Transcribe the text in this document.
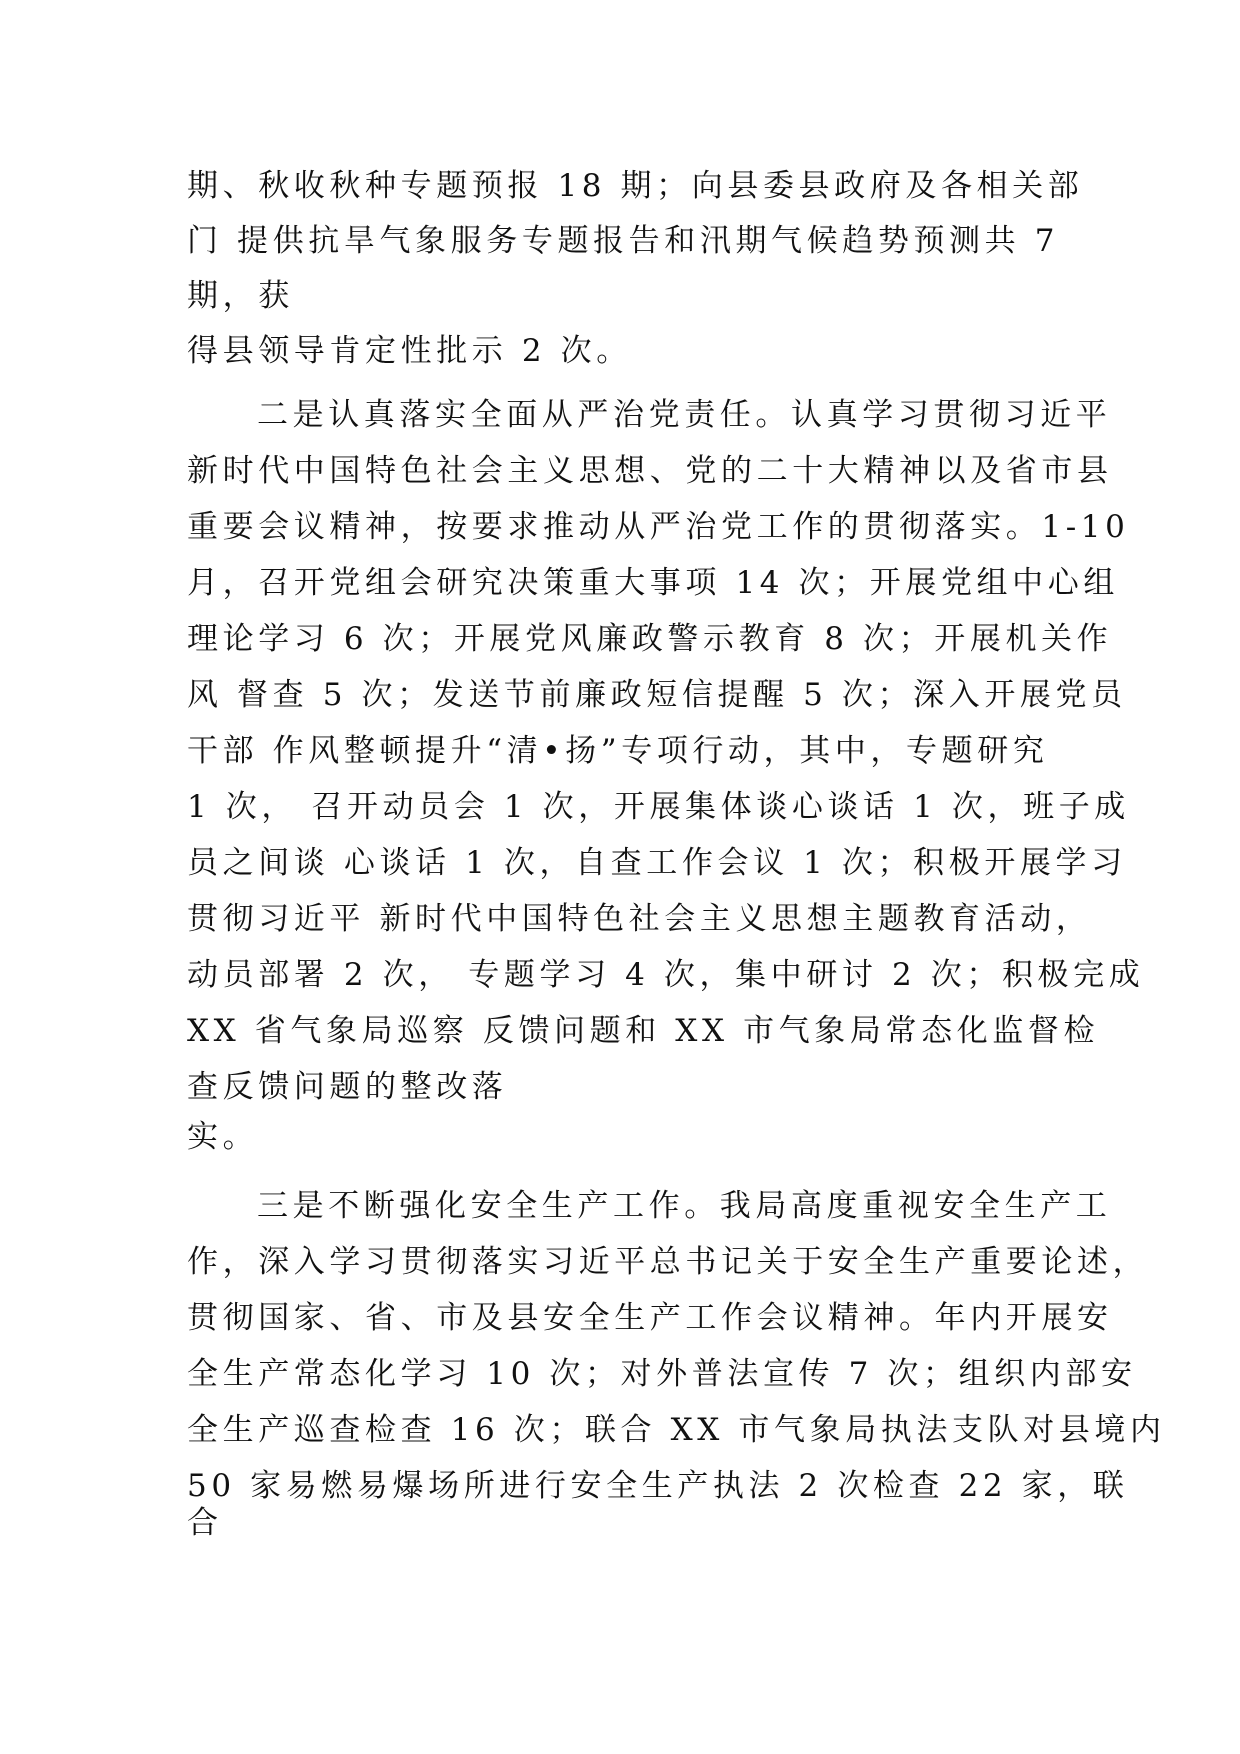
期、秋收秋种专题预报 18 期；向县委县政府及各相关部

门 提供抗旱气象服务专题报告和汛期气候趋势预测共 7

期，获

得县领导肯定性批示 2 次。

二是认真落实全面从严治党责任。认真学习贯彻习近平

新时代中国特色社会主义思想、党的二十大精神以及省市县

重要会议精神，按要求推动从严治党工作的贯彻落实。1-10

月，召开党组会研究决策重大事项 14 次；开展党组中心组

理论学习 6 次；开展党风廉政警示教育 8 次；开展机关作

风 督查 5 次；发送节前廉政短信提醒 5 次；深入开展党员

干部 作风整顿提升“清•扬”专项行动，其中，专题研究

1 次， 召开动员会 1 次，开展集体谈心谈话 1 次，班子成

员之间谈 心谈话 1 次，自查工作会议 1 次；积极开展学习

贯彻习近平 新时代中国特色社会主义思想主题教育活动，

动员部署 2 次， 专题学习 4 次，集中研讨 2 次；积极完成

XX 省气象局巡察 反馈问题和 XX 市气象局常态化监督检

查反馈问题的整改落

实。

三是不断强化安全生产工作。我局高度重视安全生产工

作，深入学习贯彻落实习近平总书记关于安全生产重要论述，

贯彻国家、省、市及县安全生产工作会议精神。年内开展安

全生产常态化学习 10 次；对外普法宣传 7 次；组织内部安

全生产巡查检查 16 次；联合 XX 市气象局执法支队对县境内

50 家易燃易爆场所进行安全生产执法 2 次检查 22 家，联

合
